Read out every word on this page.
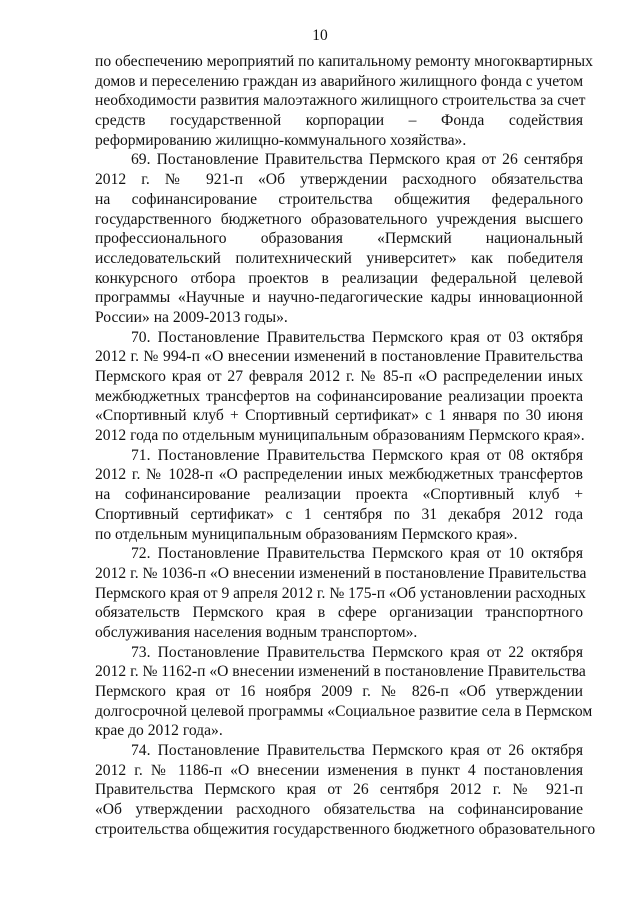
10
по обеспечению мероприятий по капитальному ремонту многоквартирных
домов и переселению граждан из аварийного жилищного фонда с учетом
необходимости развития малоэтажного жилищного строительства за счет
средств государственной корпорации – Фонда содействия
реформированию жилищно-коммунального хозяйства».
69. Постановление Правительства Пермского края от 26 сентября
2012 г. № 921-п «Об утверждении расходного обязательства
на софинансирование строительства общежития федерального
государственного бюджетного образовательного учреждения высшего
профессионального образования «Пермский национальный
исследовательский политехнический университет» как победителя
конкурсного отбора проектов в реализации федеральной целевой
программы «Научные и научно-педагогические кадры инновационной
России» на 2009-2013 годы».
70. Постановление Правительства Пермского края от 03 октября
2012 г. № 994-п «О внесении изменений в постановление Правительства
Пермского края от 27 февраля 2012 г. № 85-п «О распределении иных
межбюджетных трансфертов на софинансирование реализации проекта
«Спортивный клуб + Спортивный сертификат» с 1 января по 30 июня
2012 года по отдельным муниципальным образованиям Пермского края».
71. Постановление Правительства Пермского края от 08 октября
2012 г. № 1028-п «О распределении иных межбюджетных трансфертов
на софинансирование реализации проекта «Спортивный клуб +
Спортивный сертификат» с 1 сентября по 31 декабря 2012 года
по отдельным муниципальным образованиям Пермского края».
72. Постановление Правительства Пермского края от 10 октября
2012 г. № 1036-п «О внесении изменений в постановление Правительства
Пермского края от 9 апреля 2012 г. № 175-п «Об установлении расходных
обязательств Пермского края в сфере организации транспортного
обслуживания населения водным транспортом».
73. Постановление Правительства Пермского края от 22 октября
2012 г. № 1162-п «О внесении изменений в постановление Правительства
Пермского края от 16 ноября 2009 г. № 826-п «Об утверждении
долгосрочной целевой программы «Социальное развитие села в Пермском
крае до 2012 года».
74. Постановление Правительства Пермского края от 26 октября
2012 г. № 1186-п «О внесении изменения в пункт 4 постановления
Правительства Пермского края от 26 сентября 2012 г. № 921-п
«Об утверждении расходного обязательства на софинансирование
строительства общежития государственного бюджетного образовательного
